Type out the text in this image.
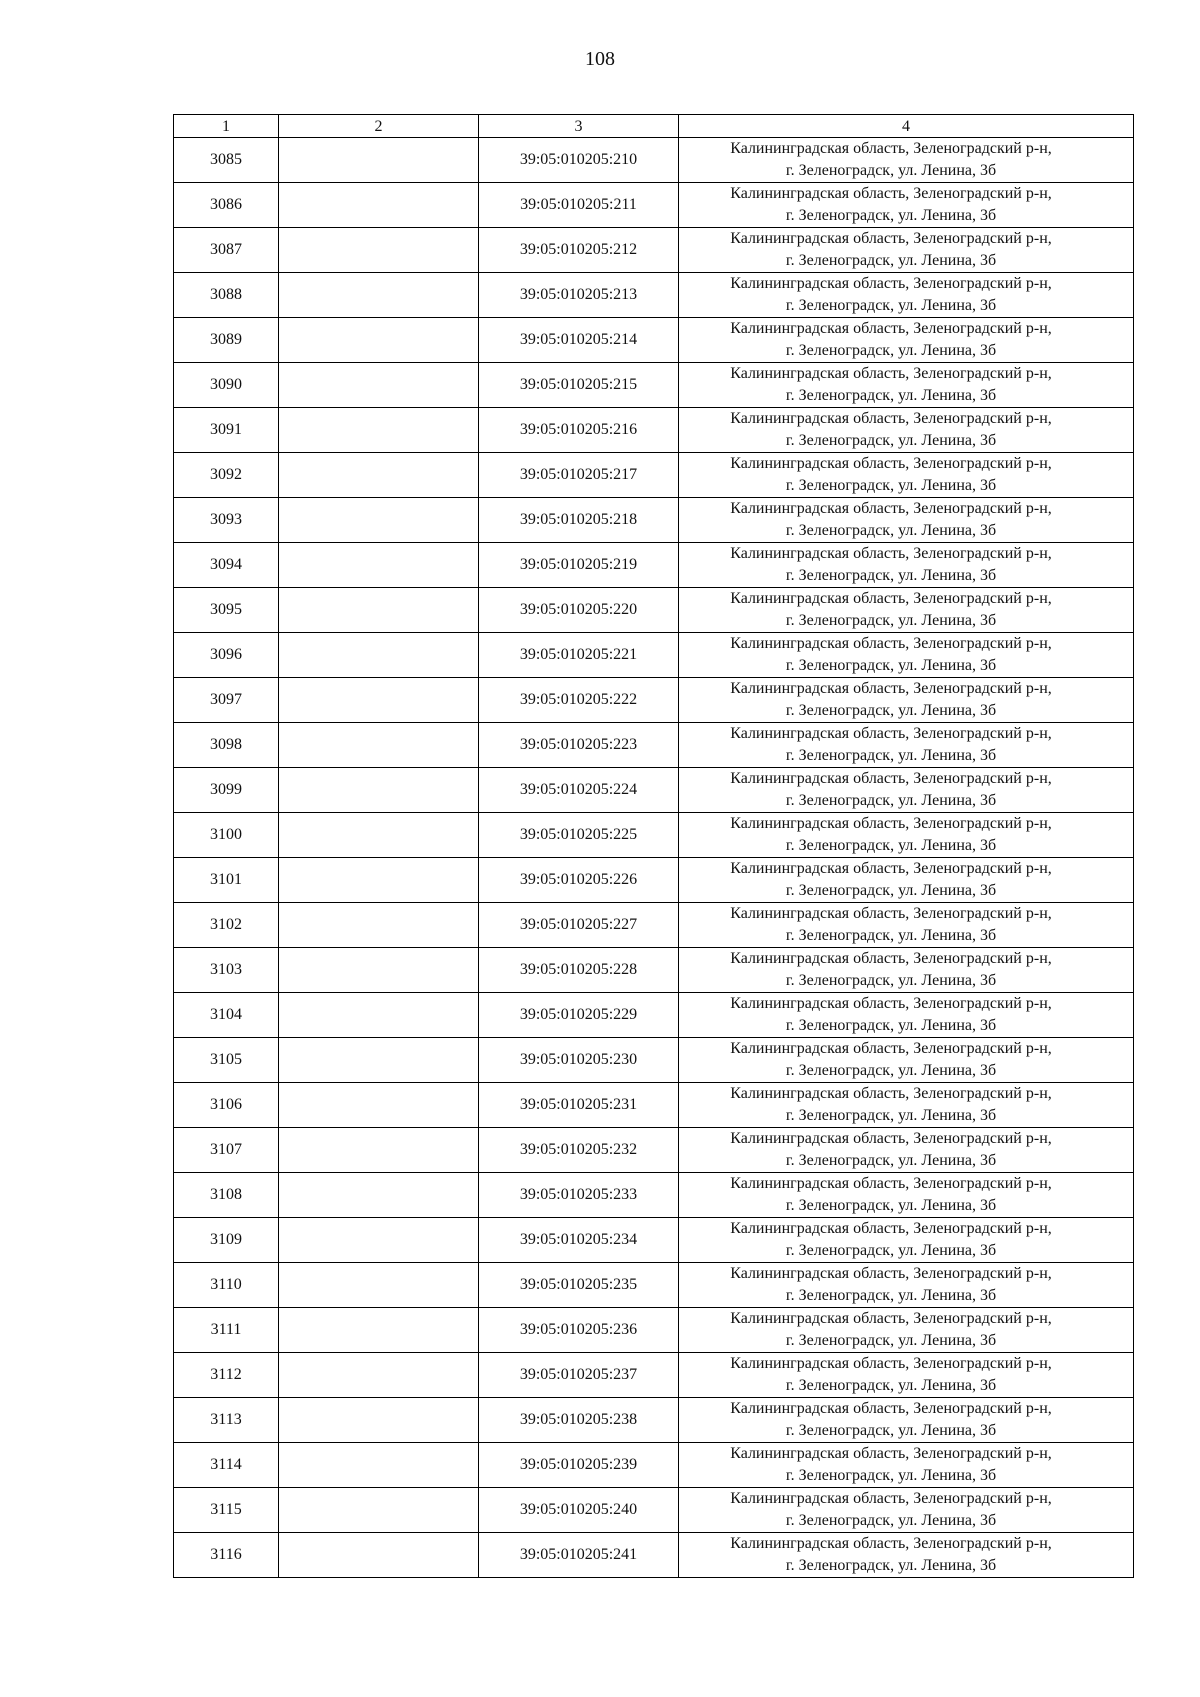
108
1	2	3	4
3085		39:05:010205:210	Калининградская область, Зеленоградский р-н,
г. Зеленоградск, ул. Ленина, 3б

3086		39:05:010205:211	Калининградская область, Зеленоградский р-н,
г. Зеленоградск, ул. Ленина, 3б

3087		39:05:010205:212	Калининградская область, Зеленоградский р-н,
г. Зеленоградск, ул. Ленина, 3б

3088		39:05:010205:213	Калининградская область, Зеленоградский р-н,
г. Зеленоградск, ул. Ленина, 3б

3089		39:05:010205:214	Калининградская область, Зеленоградский р-н,
г. Зеленоградск, ул. Ленина, 3б

3090		39:05:010205:215	Калининградская область, Зеленоградский р-н,
г. Зеленоградск, ул. Ленина, 3б

3091		39:05:010205:216	Калининградская область, Зеленоградский р-н,
г. Зеленоградск, ул. Ленина, 3б

3092		39:05:010205:217	Калининградская область, Зеленоградский р-н,
г. Зеленоградск, ул. Ленина, 3б

3093		39:05:010205:218	Калининградская область, Зеленоградский р-н,
г. Зеленоградск, ул. Ленина, 3б

3094		39:05:010205:219	Калининградская область, Зеленоградский р-н,
г. Зеленоградск, ул. Ленина, 3б

3095		39:05:010205:220	Калининградская область, Зеленоградский р-н,
г. Зеленоградск, ул. Ленина, 3б

3096		39:05:010205:221	Калининградская область, Зеленоградский р-н,
г. Зеленоградск, ул. Ленина, 3б

3097		39:05:010205:222	Калининградская область, Зеленоградский р-н,
г. Зеленоградск, ул. Ленина, 3б

3098		39:05:010205:223	Калининградская область, Зеленоградский р-н,
г. Зеленоградск, ул. Ленина, 3б

3099		39:05:010205:224	Калининградская область, Зеленоградский р-н,
г. Зеленоградск, ул. Ленина, 3б

3100		39:05:010205:225	Калининградская область, Зеленоградский р-н,
г. Зеленоградск, ул. Ленина, 3б

3101		39:05:010205:226	Калининградская область, Зеленоградский р-н,
г. Зеленоградск, ул. Ленина, 3б

3102		39:05:010205:227	Калининградская область, Зеленоградский р-н,
г. Зеленоградск, ул. Ленина, 3б

3103		39:05:010205:228	Калининградская область, Зеленоградский р-н,
г. Зеленоградск, ул. Ленина, 3б

3104		39:05:010205:229	Калининградская область, Зеленоградский р-н,
г. Зеленоградск, ул. Ленина, 3б

3105		39:05:010205:230	Калининградская область, Зеленоградский р-н,
г. Зеленоградск, ул. Ленина, 3б

3106		39:05:010205:231	Калининградская область, Зеленоградский р-н,
г. Зеленоградск, ул. Ленина, 3б

3107		39:05:010205:232	Калининградская область, Зеленоградский р-н,
г. Зеленоградск, ул. Ленина, 3б

3108		39:05:010205:233	Калининградская область, Зеленоградский р-н,
г. Зеленоградск, ул. Ленина, 3б

3109		39:05:010205:234	Калининградская область, Зеленоградский р-н,
г. Зеленоградск, ул. Ленина, 3б

3110		39:05:010205:235	Калининградская область, Зеленоградский р-н,
г. Зеленоградск, ул. Ленина, 3б

3111		39:05:010205:236	Калининградская область, Зеленоградский р-н,
г. Зеленоградск, ул. Ленина, 3б

3112		39:05:010205:237	Калининградская область, Зеленоградский р-н,
г. Зеленоградск, ул. Ленина, 3б

3113		39:05:010205:238	Калининградская область, Зеленоградский р-н,
г. Зеленоградск, ул. Ленина, 3б

3114		39:05:010205:239	Калининградская область, Зеленоградский р-н,
г. Зеленоградск, ул. Ленина, 3б

3115		39:05:010205:240	Калининградская область, Зеленоградский р-н,
г. Зеленоградск, ул. Ленина, 3б

3116		39:05:010205:241	Калининградская область, Зеленоградский р-н,
г. Зеленоградск, ул. Ленина, 3б
